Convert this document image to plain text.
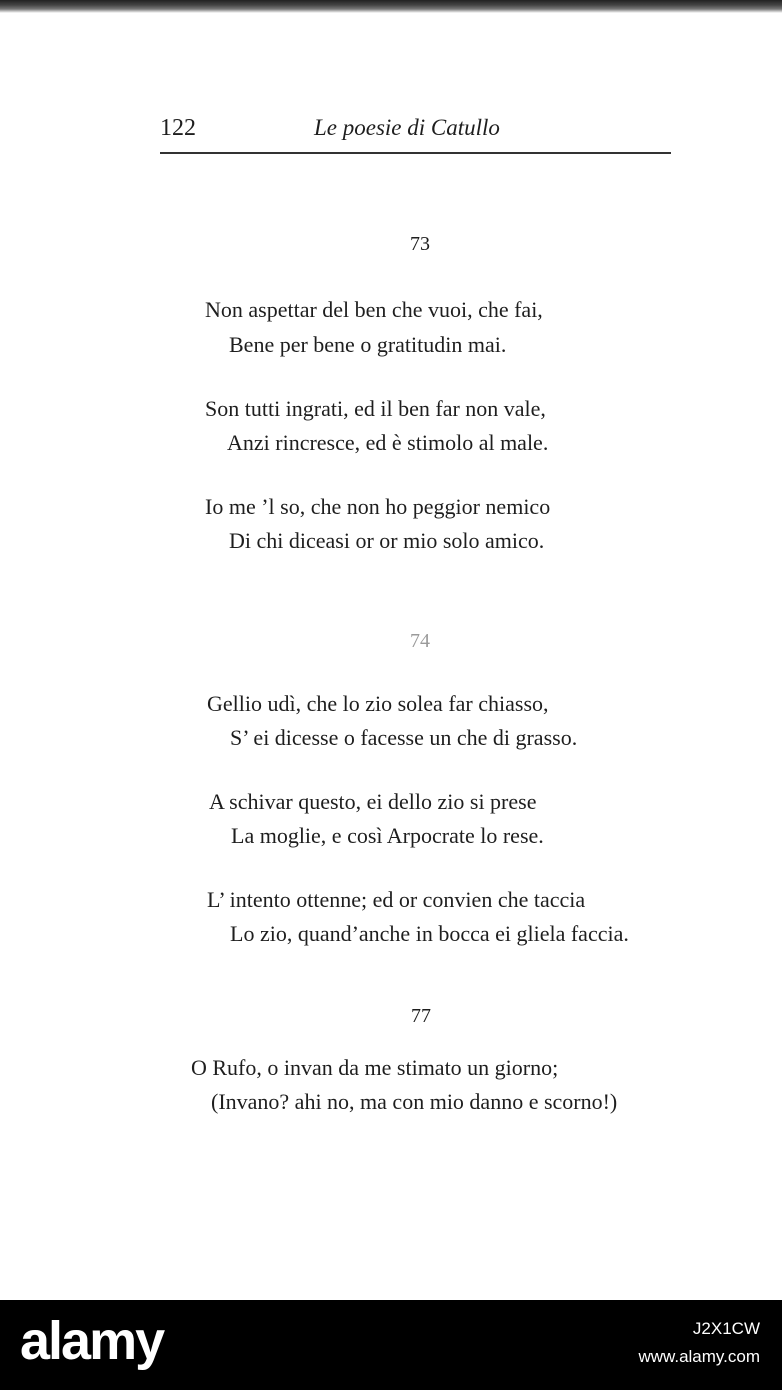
122	Le poesie di Catullo
73
Non aspettar del ben che vuoi, che fai,
Bene per bene o gratitudin mai.
Son tutti ingrati, ed il ben far non vale,
Anzi rincresce, ed è stimolo al male.
Io me ’l so, che non ho peggior nemico
Di chi diceasi or or mio solo amico.
74
Gellio udì, che lo zio solea far chiasso,
S’ ei dicesse o facesse un che di grasso.
A schivar questo, ei dello zio si prese
La moglie, e così Arpocrate lo rese.
L’ intento ottenne; ed or convien che taccia
Lo zio, quand’anche in bocca ei gliela faccia.
77
O Rufo, o invan da me stimato un giorno;
(Invano? ahi no, ma con mio danno e scorno!)
alamy	J2X1CW
www.alamy.com
